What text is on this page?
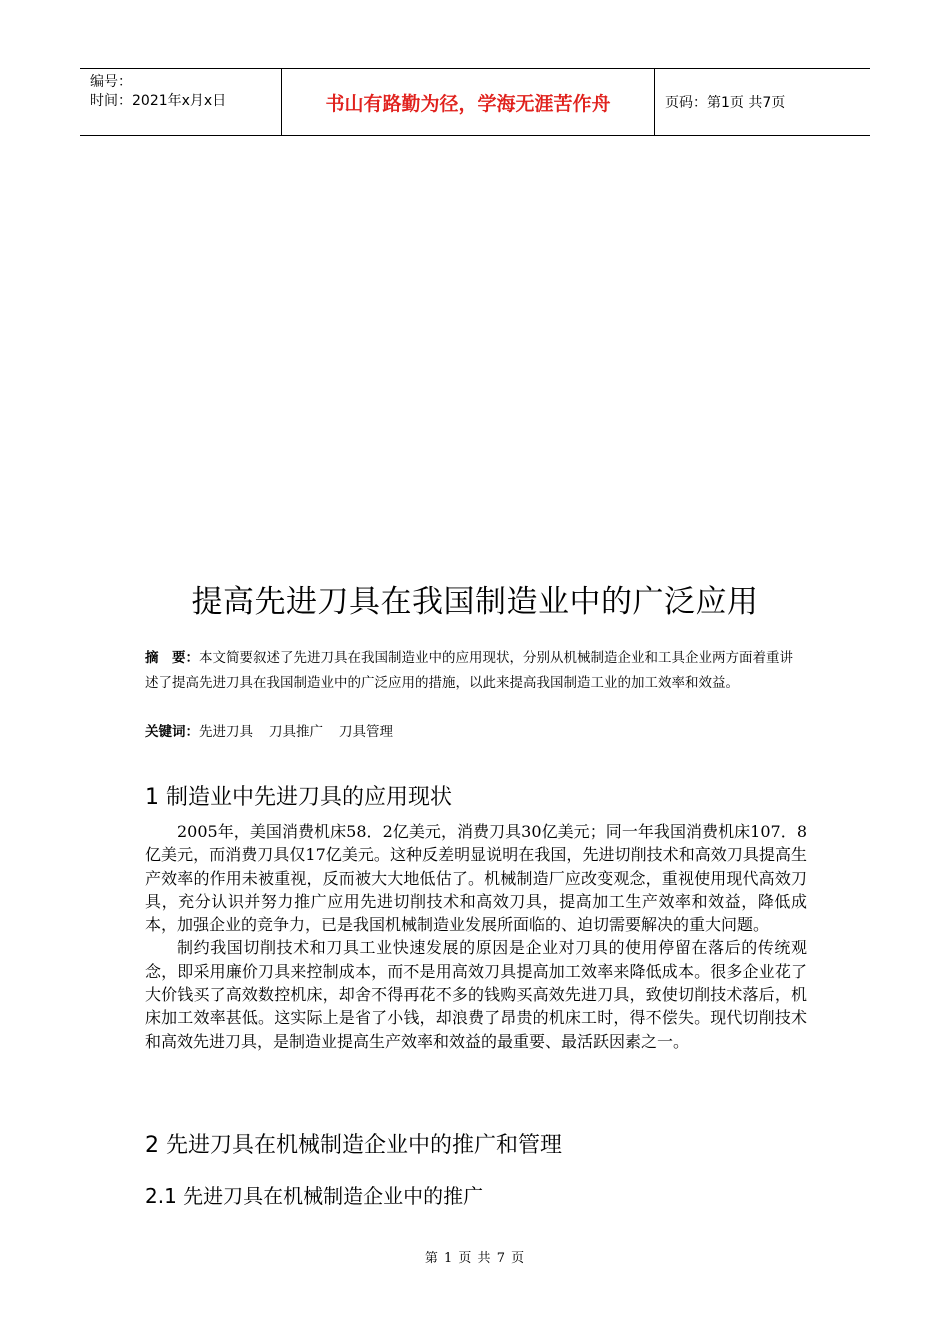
编号：
时间：2021年x月x日	书山有路勤为径，学海无涯苦作舟	页码：第1页 共7页
提高先进刀具在我国制造业中的广泛应用
摘　要：本文简要叙述了先进刀具在我国制造业中的应用现状，分别从机械制造企业和工具企业两方面着重讲述了提高先进刀具在我国制造业中的广泛应用的措施，以此来提高我国制造工业的加工效率和效益。
关键词：先进刀具 刀具推广 刀具管理
1 制造业中先进刀具的应用现状

2005年，美国消费机床58．2亿美元，消费刀具30亿美元；同一年我国消费机床107．8亿美元，而消费刀具仅17亿美元。这种反差明显说明在我国，先进切削技术和高效刀具提高生产效率的作用未被重视，反而被大大地低估了。机械制造厂应改变观念，重视使用现代高效刀具，充分认识并努力推广应用先进切削技术和高效刀具，提高加工生产效率和效益，降低成本，加强企业的竞争力，已是我国机械制造业发展所面临的、迫切需要解决的重大问题。

制约我国切削技术和刀具工业快速发展的原因是企业对刀具的使用停留在落后的传统观念，即采用廉价刀具来控制成本，而不是用高效刀具提高加工效率来降低成本。很多企业花了大价钱买了高效数控机床，却舍不得再花不多的钱购买高效先进刀具，致使切削技术落后，机床加工效率甚低。这实际上是省了小钱，却浪费了昂贵的机床工时，得不偿失。现代切削技术和高效先进刀具，是制造业提高生产效率和效益的最重要、最活跃因素之一。

2 先进刀具在机械制造企业中的推广和管理
2.1 先进刀具在机械制造企业中的推广
第 1 页 共 7 页
